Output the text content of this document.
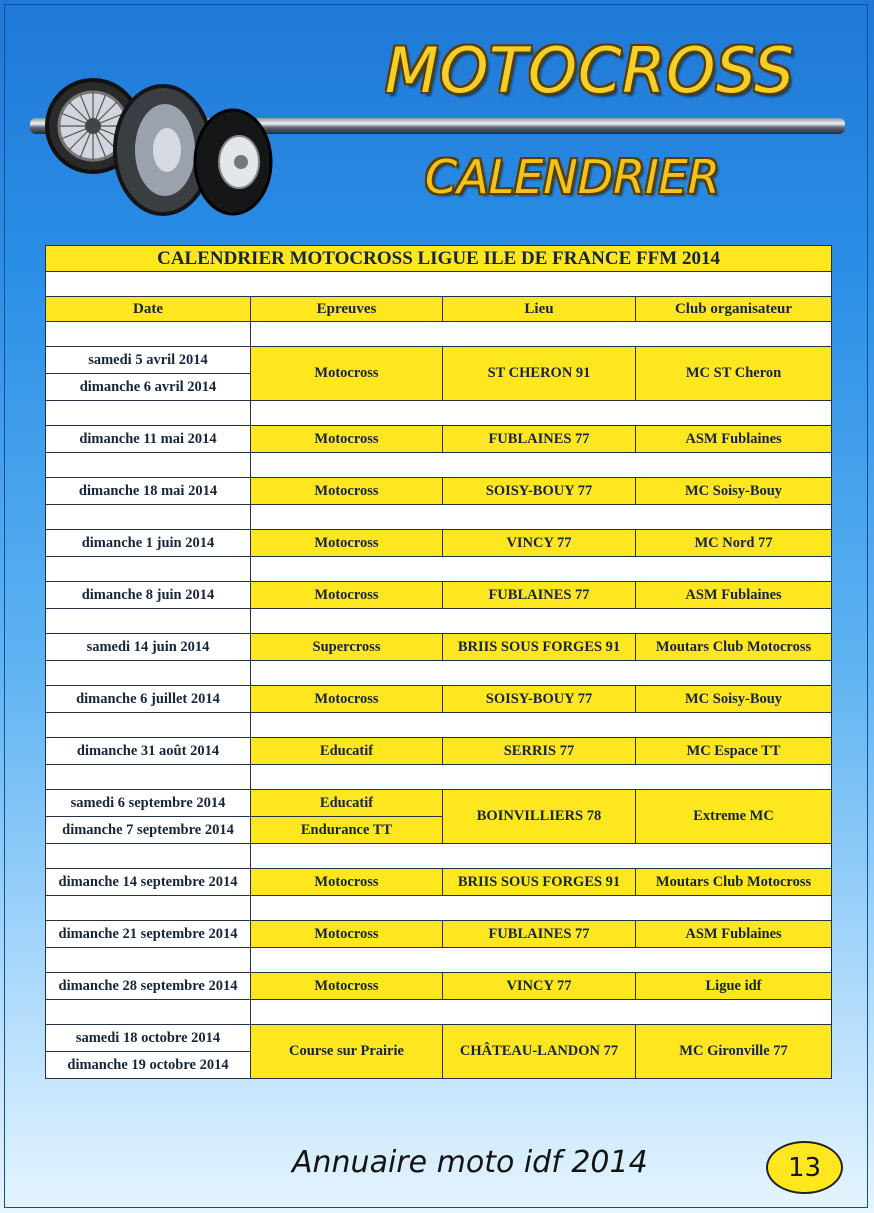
MOTOCROSS
CALENDRIER
CALENDRIER MOTOCROSS LIGUE ILE DE FRANCE FFM 2014			

Date	Epreuves	Lieu	Club organisateur

samedi 5 avril 2014	Motocross	ST CHERON 91	MC ST Cheron
dimanche 6 avril 2014			

dimanche 11 mai 2014	Motocross	FUBLAINES 77	ASM Fublaines

dimanche 18 mai 2014	Motocross	SOISY-BOUY 77	MC Soisy-Bouy

dimanche 1 juin 2014	Motocross	VINCY 77	MC Nord 77

dimanche 8 juin 2014	Motocross	FUBLAINES 77	ASM Fublaines

samedi 14 juin 2014	Supercross	BRIIS SOUS FORGES 91	Moutars Club Motocross

dimanche 6 juillet 2014	Motocross	SOISY-BOUY 77	MC Soisy-Bouy

dimanche 31 août 2014	Educatif	SERRIS 77	MC Espace TT

samedi 6 septembre 2014	Educatif	BOINVILLIERS 78	Extreme MC
dimanche 7 septembre 2014	Endurance TT		

dimanche 14 septembre 2014	Motocross	BRIIS SOUS FORGES 91	Moutars Club Motocross

dimanche 21 septembre 2014	Motocross	FUBLAINES 77	ASM Fublaines

dimanche 28 septembre 2014	Motocross	VINCY 77	Ligue idf

samedi 18 octobre 2014	Course sur Prairie	CHÂTEAU-LANDON 77	MC Gironville 77
dimanche 19 octobre 2014			
Annuaire moto idf 2014	13
